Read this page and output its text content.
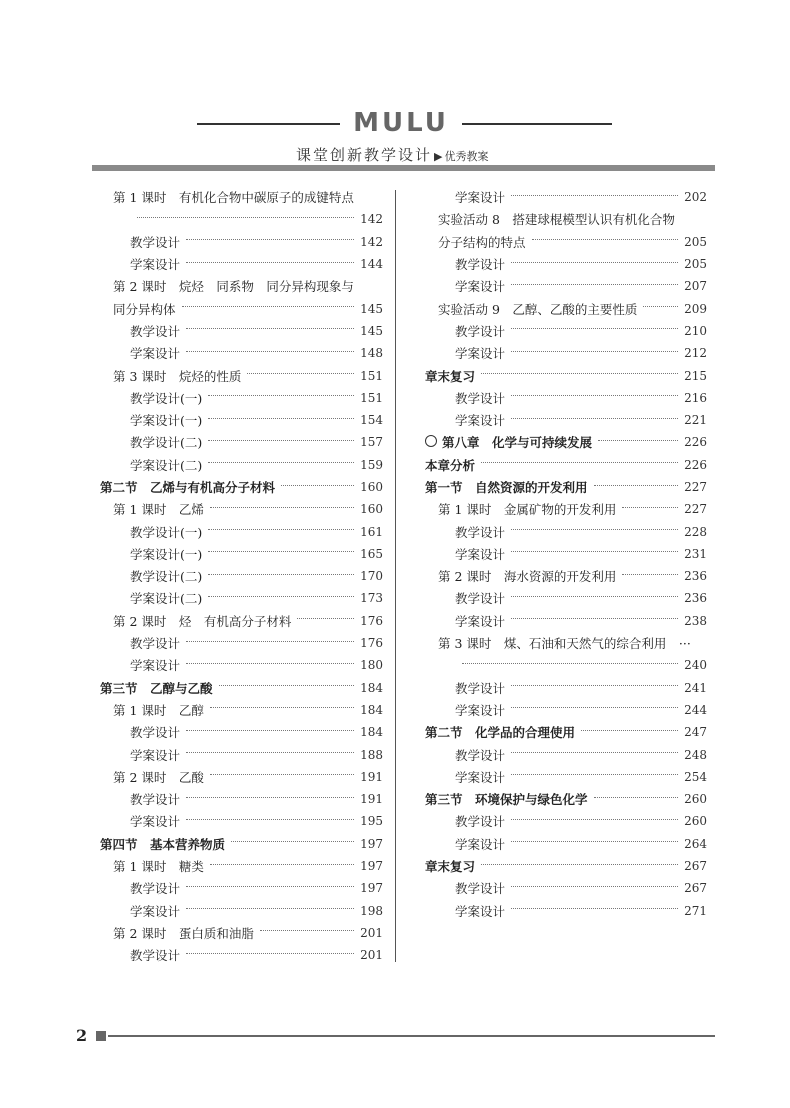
MULU
课堂创新教学设计 ▶ 优秀教案
第 1 课时　有机化合物中碳原子的成键特点
142
教学设计	142
学案设计	144
第 2 课时　烷烃　同系物　同分异构现象与
同分异构体	145
教学设计	145
学案设计	148
第 3 课时　烷烃的性质	151
教学设计(一)	151
学案设计(一)	154
教学设计(二)	157
学案设计(二)	159
第二节　乙烯与有机高分子材料	160
第 1 课时　乙烯	160
教学设计(一)	161
学案设计(一)	165
教学设计(二)	170
学案设计(二)	173
第 2 课时　烃　有机高分子材料	176
教学设计	176
学案设计	180
第三节　乙醇与乙酸	184
第 1 课时　乙醇	184
教学设计	184
学案设计	188
第 2 课时　乙酸	191
教学设计	191
学案设计	195
第四节　基本营养物质	197
第 1 课时　糖类	197
教学设计	197
学案设计	198
第 2 课时　蛋白质和油脂	201
教学设计	201
学案设计	202
实验活动 8　搭建球棍模型认识有机化合物
分子结构的特点	205
教学设计	205
学案设计	207
实验活动 9　乙醇、乙酸的主要性质	209
教学设计	210
学案设计	212
章末复习	215
教学设计	216
学案设计	221
第八章　化学与可持续发展	226
本章分析	226
第一节　自然资源的开发利用	227
第 1 课时　金属矿物的开发利用	227
教学设计	228
学案设计	231
第 2 课时　海水资源的开发利用	236
教学设计	236
学案设计	238
第 3 课时　煤、石油和天然气的综合利用　···
240
教学设计	241
学案设计	244
第二节　化学品的合理使用	247
教学设计	248
学案设计	254
第三节　环境保护与绿色化学	260
教学设计	260
学案设计	264
章末复习	267
教学设计	267
学案设计	271
2
